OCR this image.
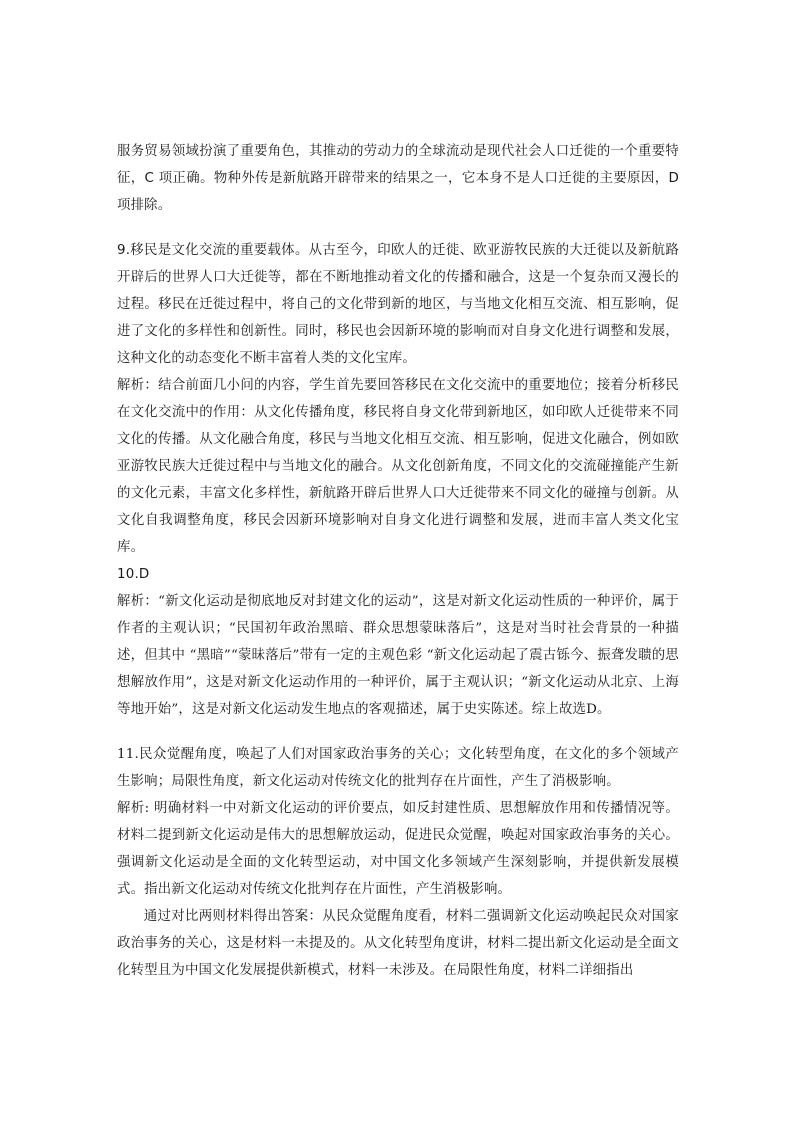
服务贸易领域扮演了重要角色，其推动的劳动力的全球流动是现代社会人口迁徙的一个重要特征，C 项正确。物种外传是新航路开辟带来的结果之一，它本身不是人口迁徙的主要原因，D 项排除。

9.移民是文化交流的重要载体。从古至今，印欧人的迁徙、欧亚游牧民族的大迁徙以及新航路开辟后的世界人口大迁徙等，都在不断地推动着文化的传播和融合，这是一个复杂而又漫长的过程。移民在迁徙过程中，将自己的文化带到新的地区，与当地文化相互交流、相互影响，促进了文化的多样性和创新性。同时，移民也会因新环境的影响而对自身文化进行调整和发展，这种文化的动态变化不断丰富着人类的文化宝库。

解析：结合前面几小问的内容，学生首先要回答移民在文化交流中的重要地位；接着分析移民在文化交流中的作用：从文化传播角度，移民将自身文化带到新地区，如印欧人迁徙带来不同文化的传播。从文化融合角度，移民与当地文化相互交流、相互影响，促进文化融合，例如欧亚游牧民族大迁徙过程中与当地文化的融合。从文化创新角度，不同文化的交流碰撞能产生新的文化元素，丰富文化多样性，新航路开辟后世界人口大迁徙带来不同文化的碰撞与创新。从文化自我调整角度，移民会因新环境影响对自身文化进行调整和发展，进而丰富人类文化宝库。

10.D

解析：“新文化运动是彻底地反对封建文化的运动”，这是对新文化运动性质的一种评价，属于作者的主观认识；“民国初年政治黑暗、群众思想蒙昧落后”，这是对当时社会背景的一种描述，但其中 “黑暗”“蒙昧落后”带有一定的主观色彩 “新文化运动起了震古铄今、振聋发聩的思想解放作用”，这是对新文化运动作用的一种评价，属于主观认识；“新文化运动从北京、上海等地开始”，这是对新文化运动发生地点的客观描述，属于史实陈述。综上故选D。

11.民众觉醒角度，唤起了人们对国家政治事务的关心；文化转型角度，在文化的多个领域产生影响；局限性角度，新文化运动对传统文化的批判存在片面性，产生了消极影响。

解析: 明确材料一中对新文化运动的评价要点，如反封建性质、思想解放作用和传播情况等。材料二提到新文化运动是伟大的思想解放运动，促进民众觉醒，唤起对国家政治事务的关心。强调新文化运动是全面的文化转型运动，对中国文化多领域产生深刻影响，并提供新发展模式。指出新文化运动对传统文化批判存在片面性，产生消极影响。

通过对比两则材料得出答案：从民众觉醒角度看，材料二强调新文化运动唤起民众对国家政治事务的关心，这是材料一未提及的。从文化转型角度讲，材料二提出新文化运动是全面文化转型且为中国文化发展提供新模式，材料一未涉及。在局限性角度，材料二详细指出
